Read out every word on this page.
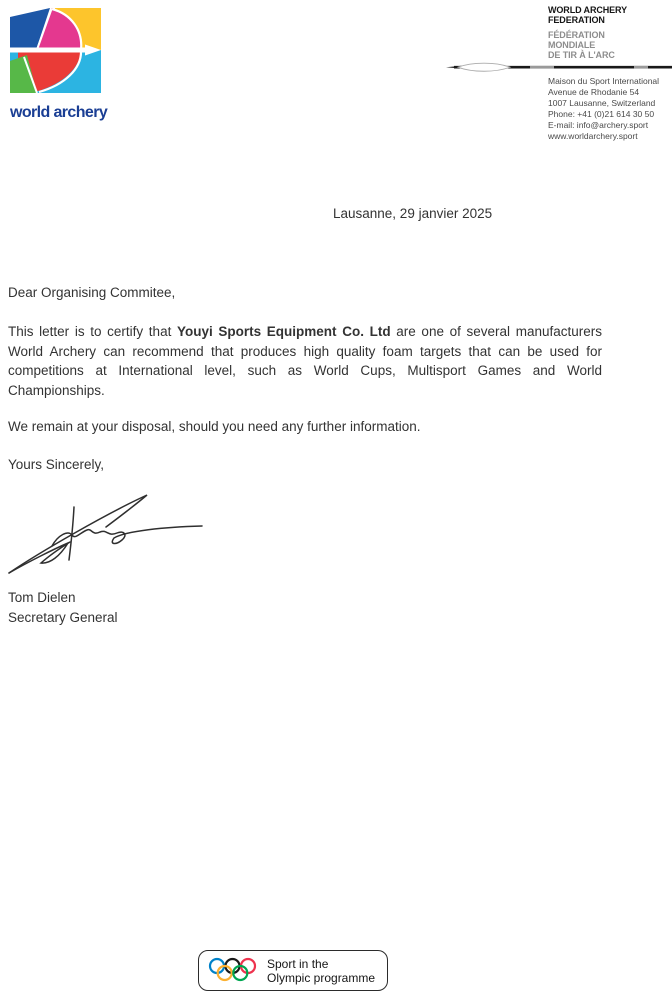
world archery
WORLD ARCHERY
FEDERATION
FÉDÉRATION
MONDIALE
DE TIR À L'ARC
Maison du Sport International
Avenue de Rhodanie 54
1007 Lausanne, Switzerland
Phone: +41 (0)21 614 30 50
E-mail: info@archery.sport
www.worldarchery.sport
Lausanne, 29 janvier 2025

Dear Organising Commitee,

This letter is to certify that Youyi Sports Equipment Co. Ltd are one of several manufacturers World Archery can recommend that produces high quality foam targets that can be used for competitions at International level, such as World Cups, Multisport Games and World Championships.

We remain at your disposal, should you need any further information.

Yours Sincerely,

Tom Dielen
Secretary General
Sport in the
Olympic programme
